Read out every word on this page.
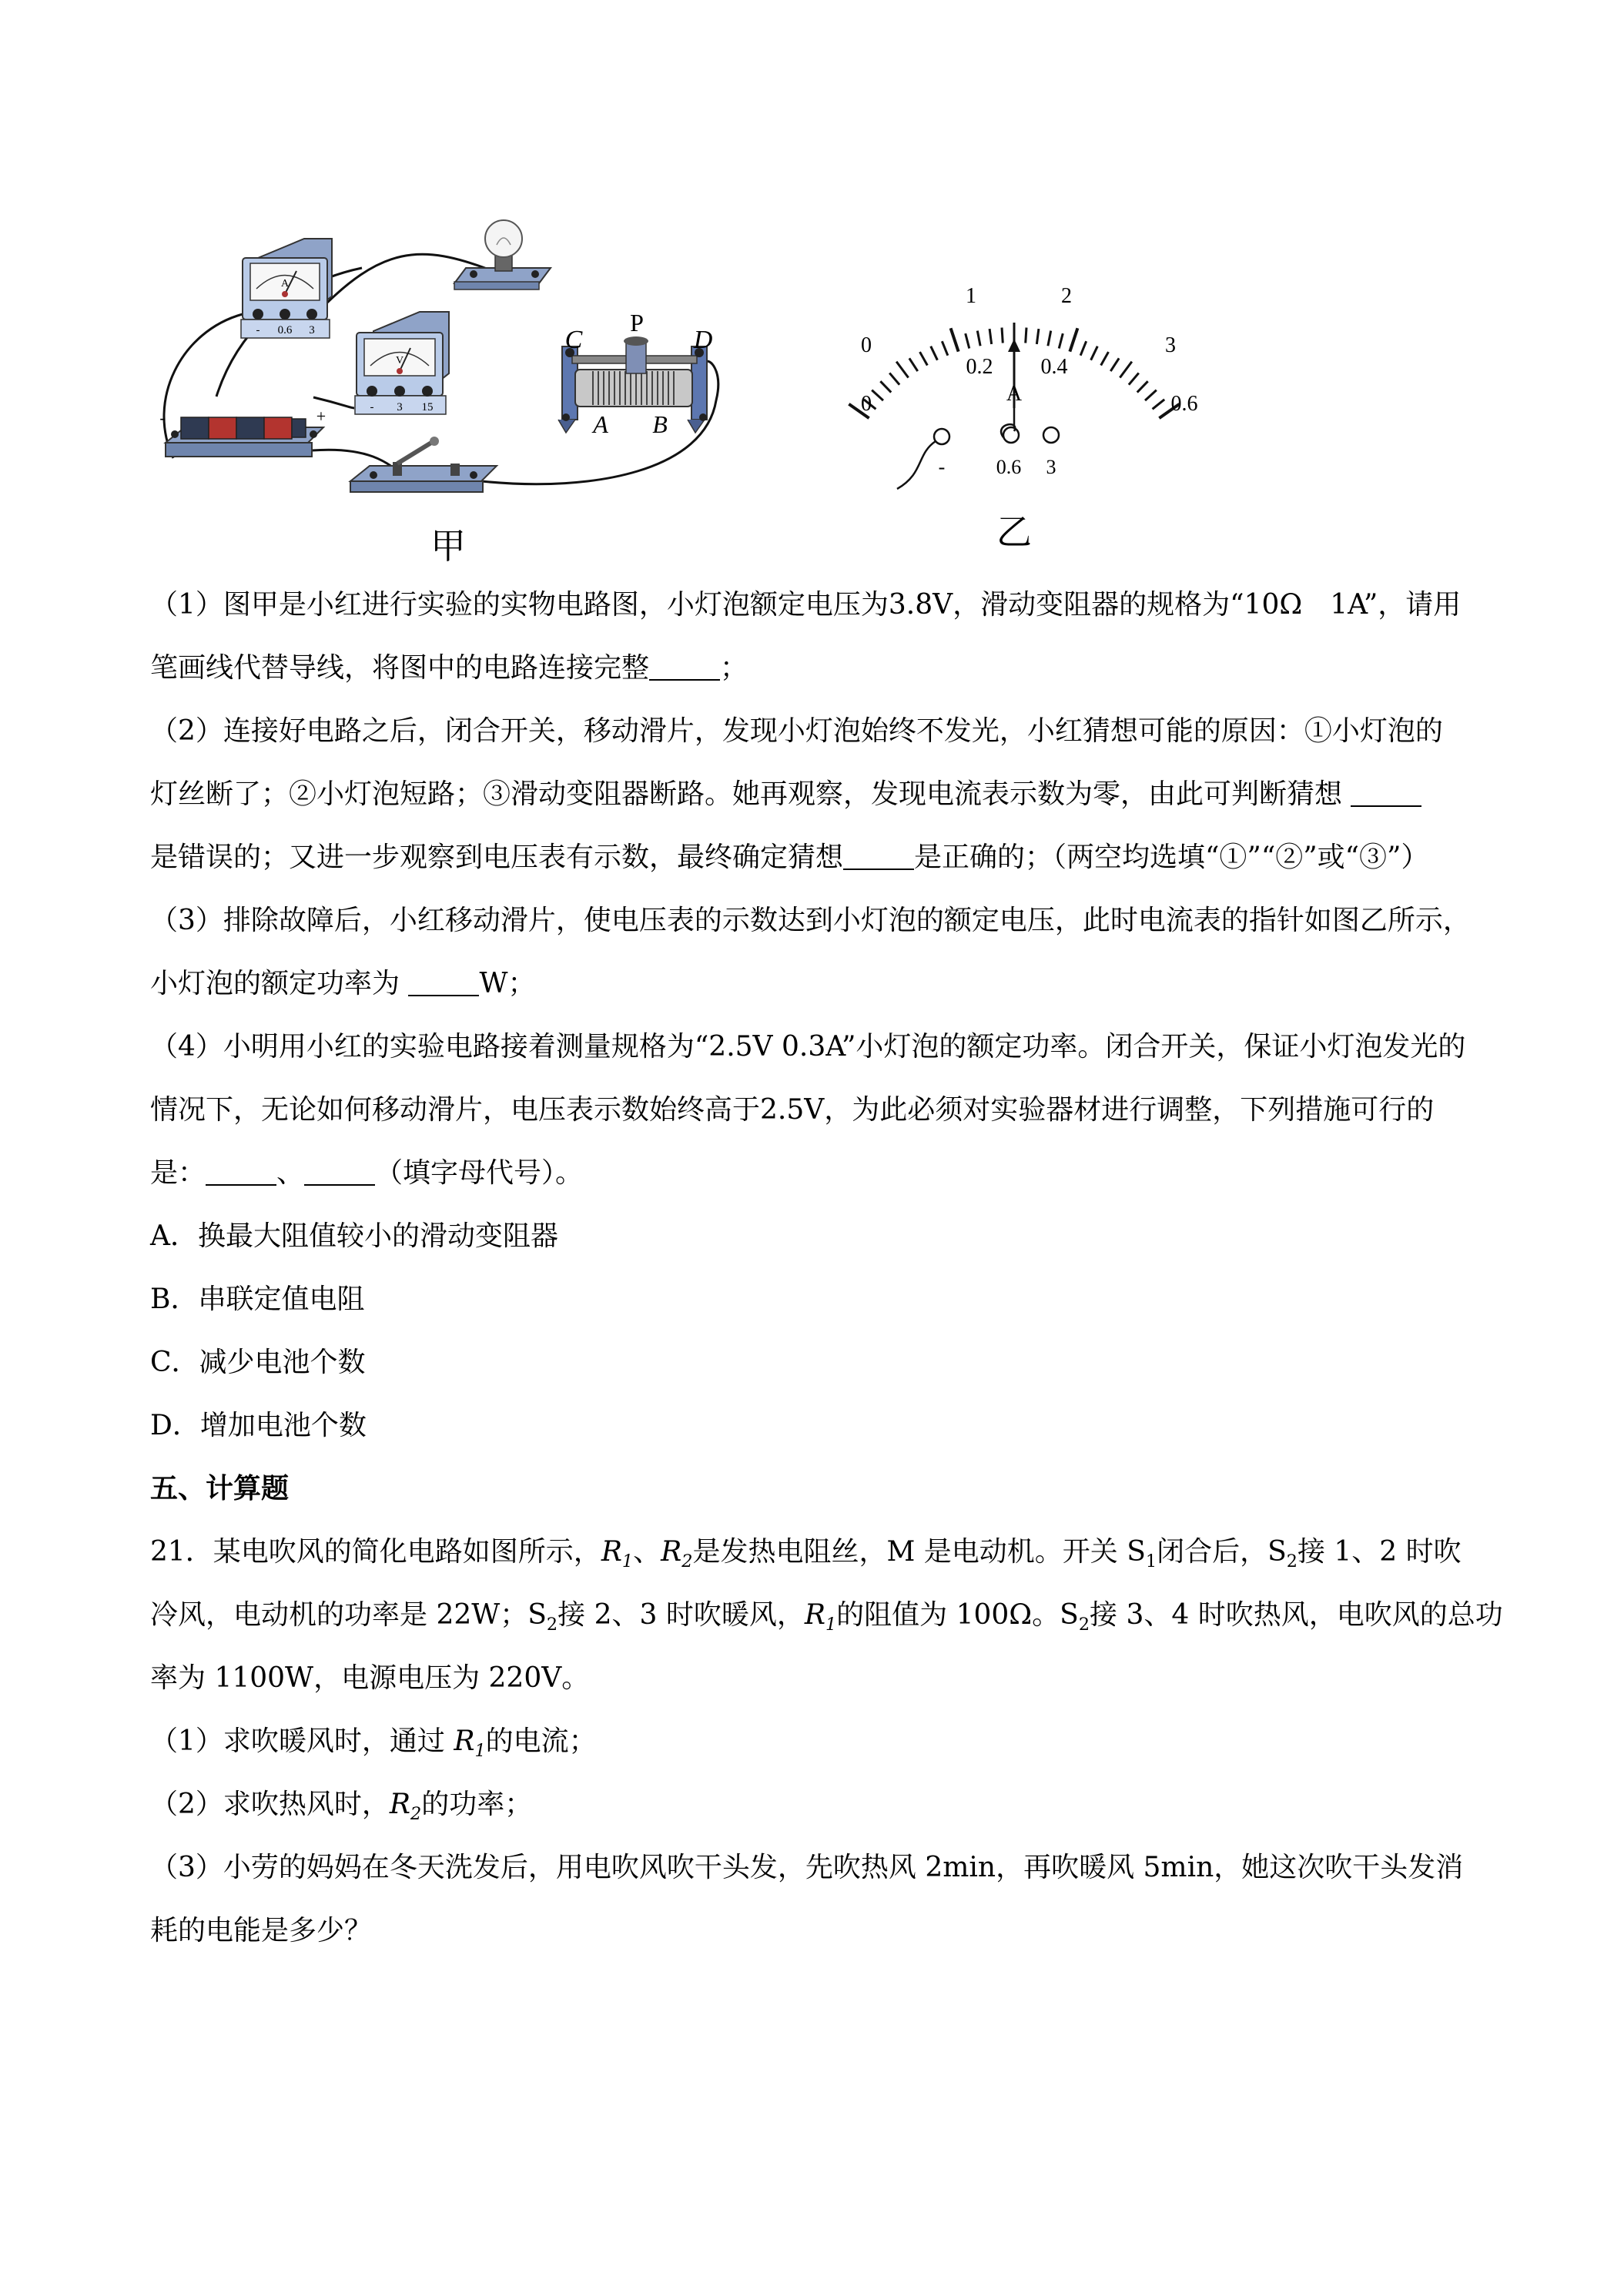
A
- 0.6 3
V
- 3 15
C
P
D
A B
-	+
甲
0
1	2
3
0
0.2 0.4
0.6
A
-	0.6 3
乙

（1）图甲是小红进行实验的实物电路图，小灯泡额定电压为3.8V，滑动变阻器的规格为“10Ω　1A”，请用

笔画线代替导线，将图中的电路连接完整	；

（2）连接好电路之后，闭合开关，移动滑片，发现小灯泡始终不发光，小红猜想可能的原因：①小灯泡的

灯丝断了；②小灯泡短路；③滑动变阻器断路。她再观察，发现电流表示数为零，由此可判断猜想

是错误的；又进一步观察到电压表有示数，最终确定猜想	是正确的；（两空均选填“①”“②”或“③”）

（3）排除故障后，小红移动滑片，使电压表的示数达到小灯泡的额定电压，此时电流表的指针如图乙所示，

小灯泡的额定功率为	W；

（4）小明用小红的实验电路接着测量规格为“2.5V 0.3A”小灯泡的额定功率。闭合开关，保证小灯泡发光的

情况下，无论如何移动滑片，电压表示数始终高于2.5V，为此必须对实验器材进行调整，下列措施可行的

是：	、	（填字母代号）。

A．换最大阻值较小的滑动变阻器

B．串联定值电阻

C．减少电池个数

D．增加电池个数

五、计算题

21．某电吹风的简化电路如图所示，$R_1$、$R_2$是发热电阻丝，M 是电动机。开关 $S_1$闭合后，$S_2$接 1、2 时吹

冷风，电动机的功率是 22W；$S_2$接 2、3 时吹暖风，$R_1$的阻值为 100Ω。$S_2$接 3、4 时吹热风，电吹风的总功

率为 1100W，电源电压为 220V。

（1）求吹暖风时，通过 $R_1$的电流；

（2）求吹热风时，$R_2$的功率；

（3）小劳的妈妈在冬天洗发后，用电吹风吹干头发，先吹热风 2min，再吹暖风 5min，她这次吹干头发消

耗的电能是多少？
